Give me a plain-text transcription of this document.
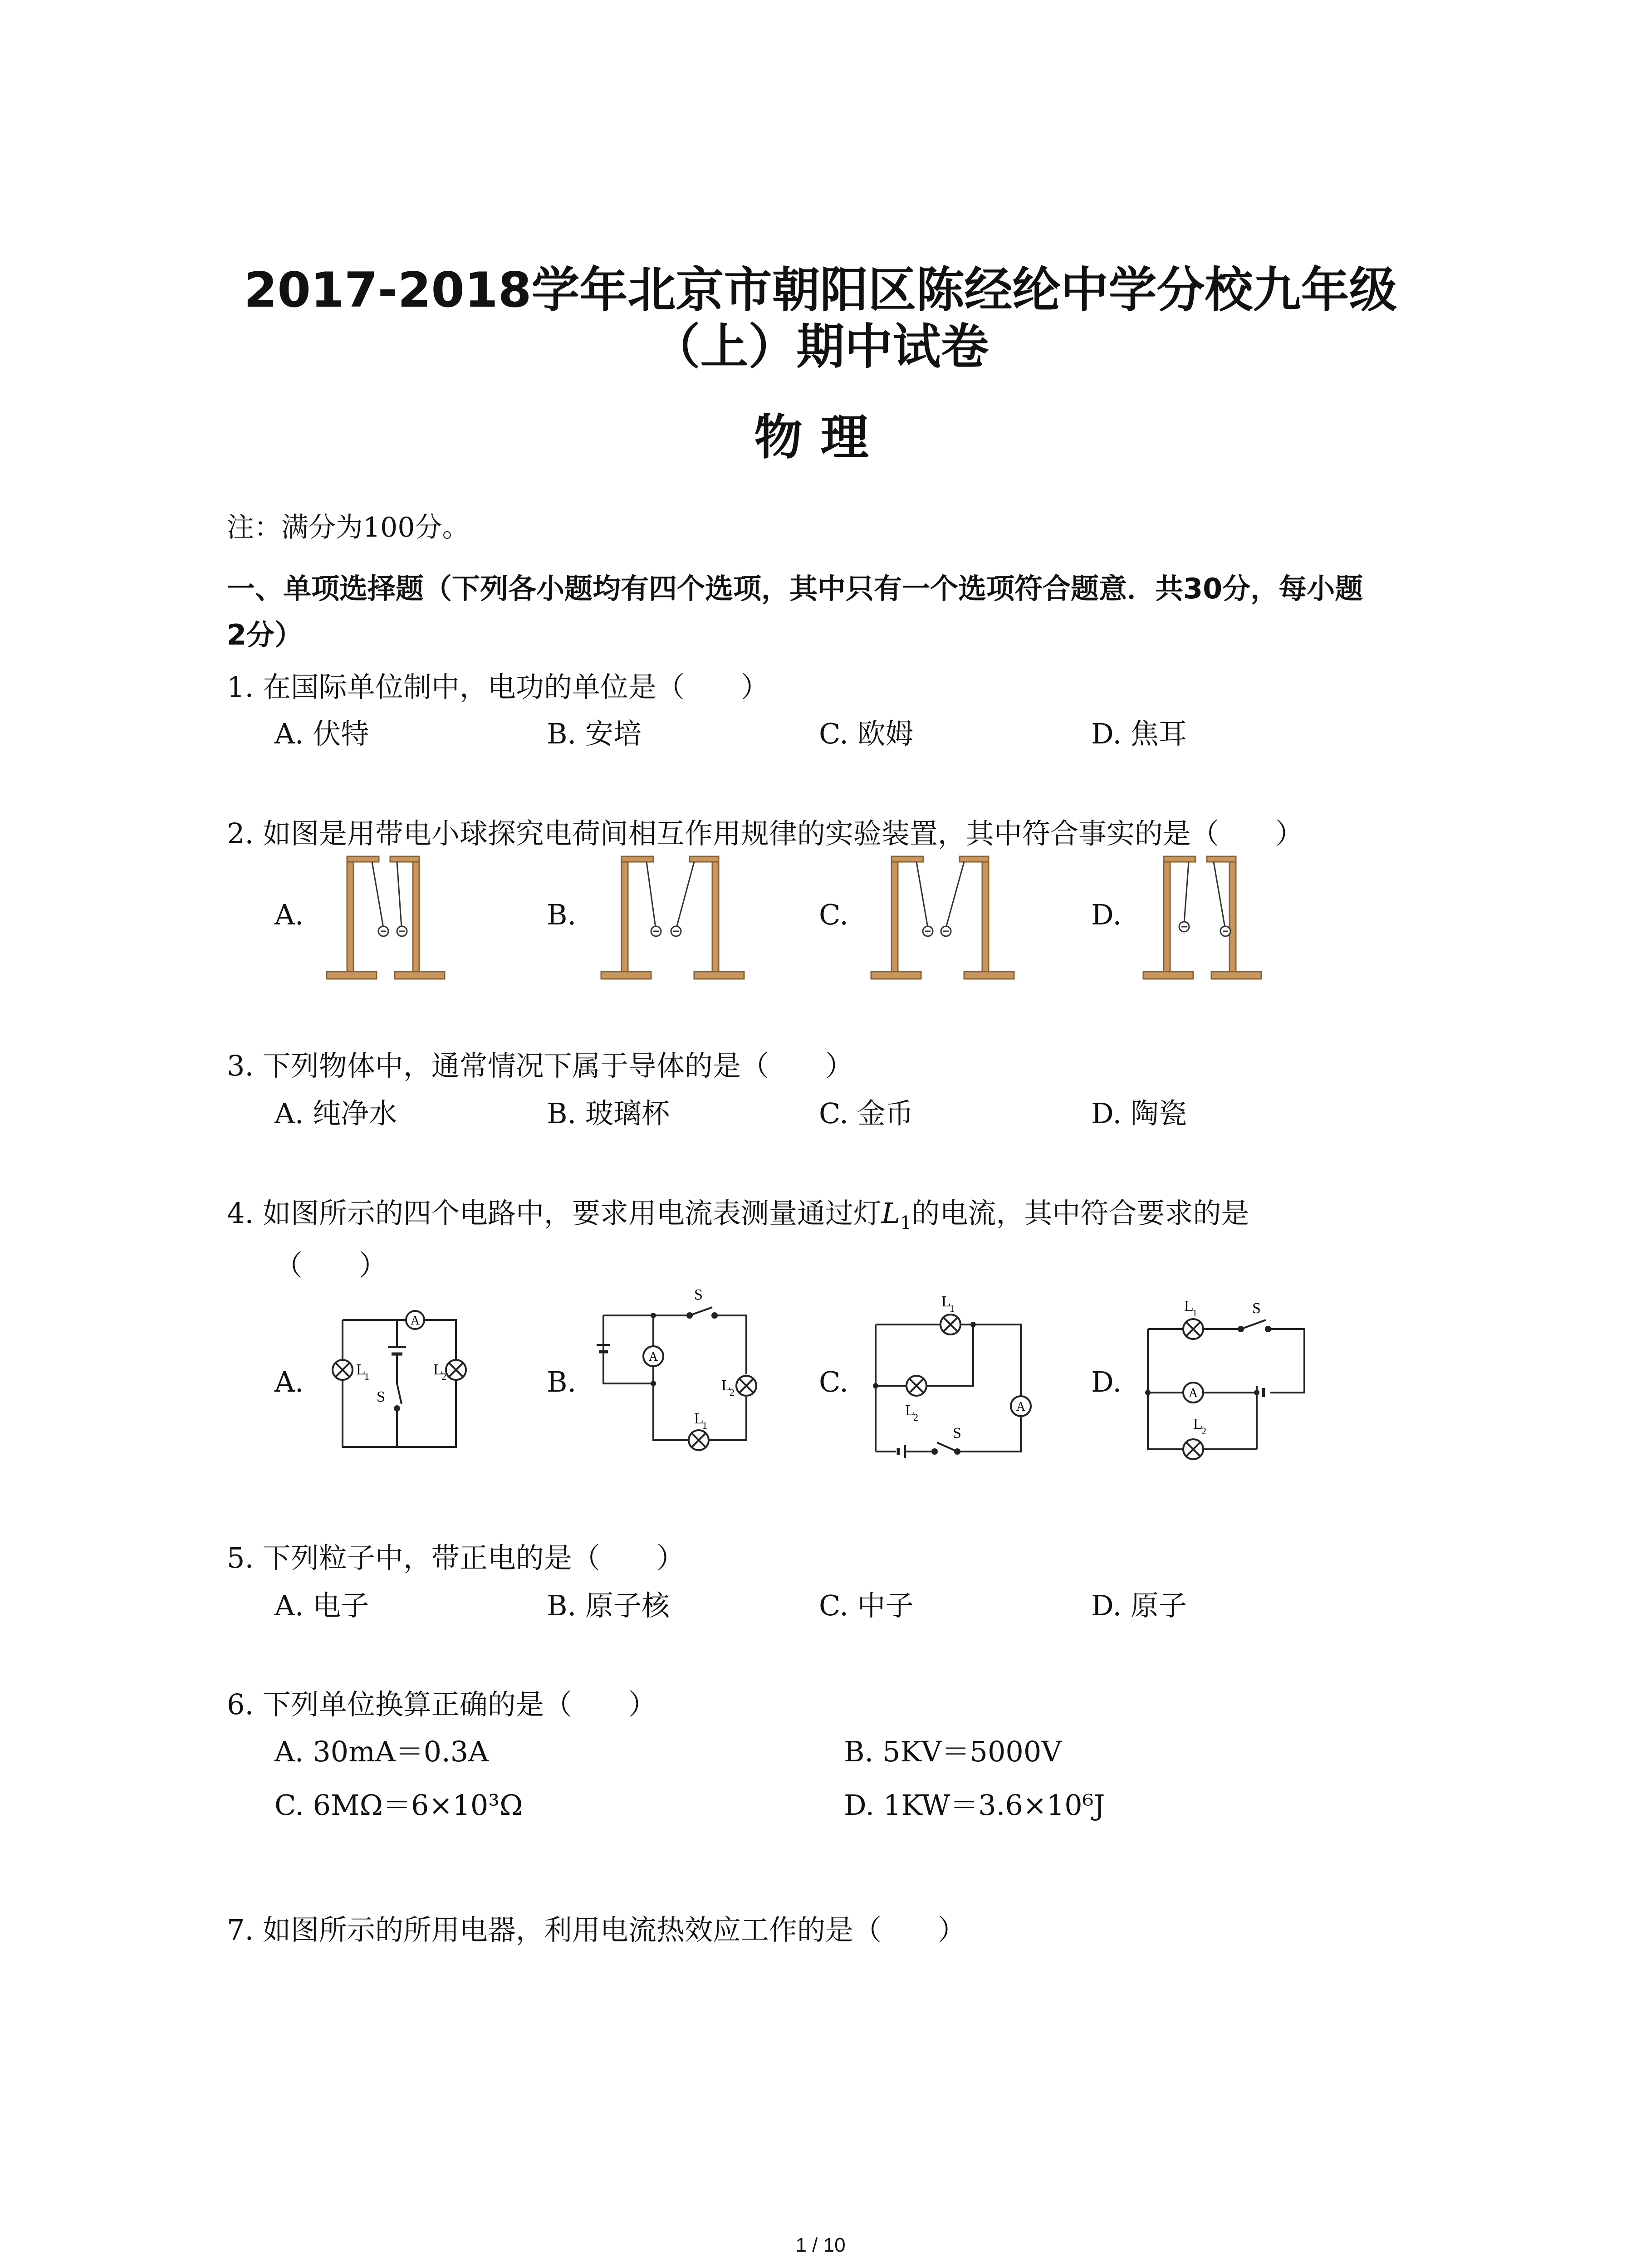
2017-2018学年北京市朝阳区陈经纶中学分校九年级
（上）期中试卷
物理
注：满分为100分。
一、单项选择题（下列各小题均有四个选项，其中只有一个选项符合题意．共30分，每小题
2分）
1. 在国际单位制中，电功的单位是（　　）
A. 伏特	B. 安培	C. 欧姆	D. 焦耳
2. 如图是用带电小球探究电荷间相互作用规律的实验装置，其中符合事实的是（　　）
A.	B.	C.	D.
3. 下列物体中，通常情况下属于导体的是（　　）
A. 纯净水	B. 玻璃杯	C. 金币	D. 陶瓷
4. 如图所示的四个电路中，要求用电流表测量通过灯$L_1$的电流，其中符合要求的是
（　　）
A.	B.	C.	D.
A
L
1	L
2
S
A
S
L
2
L
1
A
L
1
L
2
S
A
L
1	S
L
2
5. 下列粒子中，带正电的是（　　）
A. 电子	B. 原子核	C. 中子	D. 原子
6. 下列单位换算正确的是（　　）
A. 30mA＝0.3A	B. 5KV＝5000V
C. 6MΩ＝6×10³Ω	D. 1KW＝3.6×10⁶J
7. 如图所示的所用电器，利用电流热效应工作的是（　　）
1 / 10
